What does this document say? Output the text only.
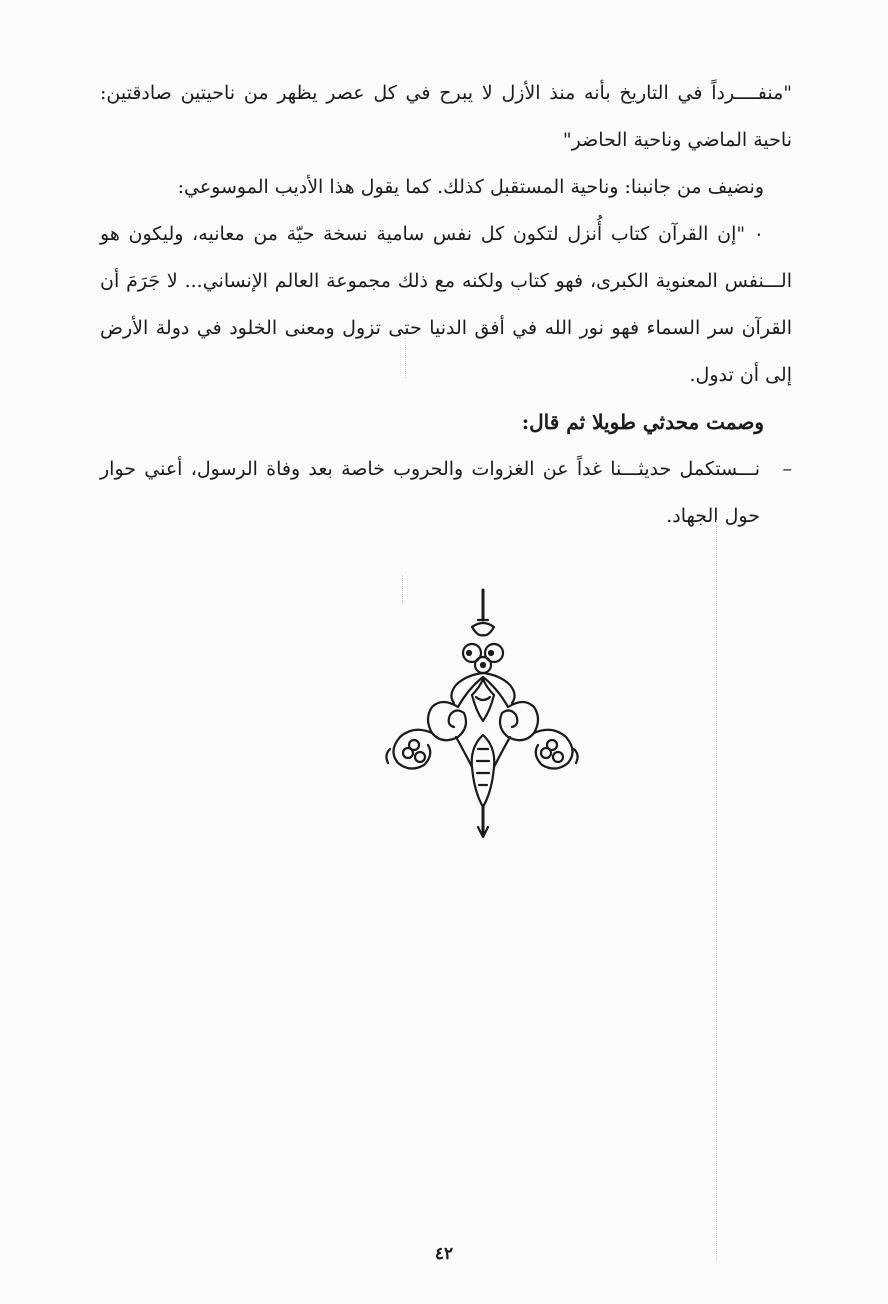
"منفــــرداً في التاريخ بأنه منذ الأزل لا يبرح في كل عصر يظهر من ناحيتين صادقتين: ناحية الماضي وناحية الحاضر"

ونضيف من جانبنا: وناحية المستقبل كذلك. كما يقول هذا الأديب الموسوعي:

٠ "إن القرآن كتاب أُنزل لتكون كل نفس سامية نسخة حيّة من معانيه، وليكون هو الـــنفس المعنوية الكبرى، فهو كتاب ولكنه مع ذلك مجموعة العالم الإنساني... لا جَرَمَ أن القرآن سر السماء فهو نور الله في أفق الدنيا حتى تزول ومعنى الخلود في دولة الأرض إلى أن تدول.

وصمت محدثي طويلا ثم قال:

–نـــستكمل حديثـــنا غداً عن الغزوات والحروب خاصة بعد وفاة الرسول، أعني حوار حول الجهاد.

٤٢
